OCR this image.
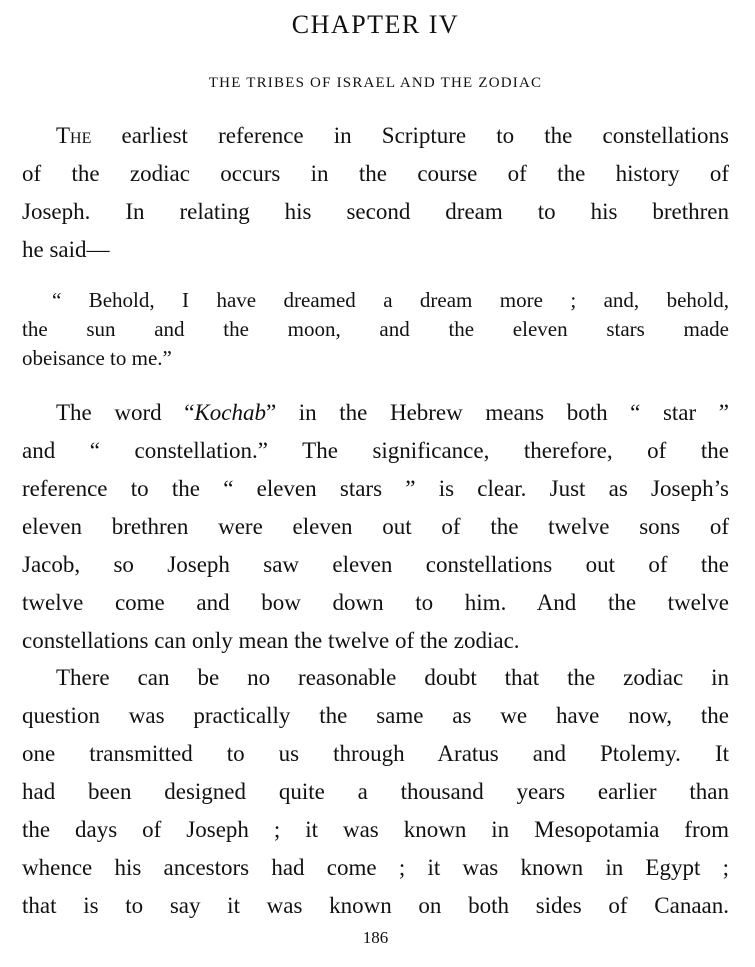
CHAPTER IV
THE TRIBES OF ISRAEL AND THE ZODIAC

The earliest reference in Scripture to the constellations
of the zodiac occurs in the course of the history of
Joseph. In relating his second dream to his brethren
he said—

“ Behold, I have dreamed a dream more ; and, behold,
the sun and the moon, and the eleven stars made
obeisance to me.”

The word “Kochab” in the Hebrew means both “ star ”
and “ constellation.” The significance, therefore, of the
reference to the “ eleven stars ” is clear. Just as Joseph’s
eleven brethren were eleven out of the twelve sons of
Jacob, so Joseph saw eleven constellations out of the
twelve come and bow down to him. And the twelve
constellations can only mean the twelve of the zodiac.

There can be no reasonable doubt that the zodiac in
question was practically the same as we have now, the
one transmitted to us through Aratus and Ptolemy. It
had been designed quite a thousand years earlier than
the days of Joseph ; it was known in Mesopotamia from
whence his ancestors had come ; it was known in Egypt ;
that is to say it was known on both sides of Canaan.

186
